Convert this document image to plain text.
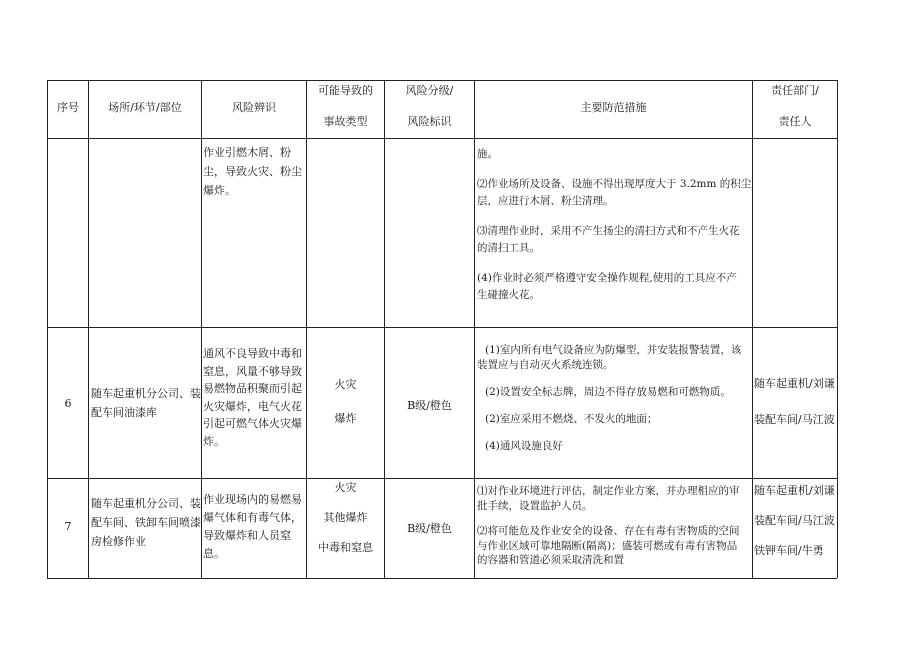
序号	场所/环节/部位	风险辨识
可能导致的
事故类型
风险分级/
风险标识
主要防范措施
责任部门/
责任人
作业引燃木屑、粉
尘，导致火灾、粉尘
爆炸。
施。
⑵作业场所及设备、设施不得出现厚度大于 3.2mm 的积尘
层，应进行木屑、粉尘清理。
⑶清理作业时，采用不产生扬尘的清扫方式和不产生火花
的清扫工具。
(4)作业时必须严格遵守安全操作规程,使用的工具应不产
生碰撞火花。
6
随车起重机分公司、装
配车间油漆库
通风不良导致中毒和
窒息，风量不够导致
易燃物品积聚而引起
火灾爆炸，电气火花
引起可燃气体火灾爆
炸。
火灾
爆炸
B级/橙色
(1)室内所有电气设备应为防爆型，并安装报警装置，该
装置应与自动灭火系统连锁。
(2)设置安全标志牌，周边不得存放易燃和可燃物质。
(2)室应采用不燃烧、不发火的地面；
(4)通风设施良好
随车起重机/刘谦
装配车间/马江波
7
随车起重机分公司、装
配车间、铁卸车间喷漆
房检修作业
作业现场内的易燃易
爆气体和有毒气体，
导致爆炸和人员窒
息。
火灾
其他爆炸
中毒和窒息
B级/橙色
⑴对作业环境进行评估，制定作业方案，并办理相应的审
批手续，设置监护人员。
⑵将可能危及作业安全的设备、存在有毒有害物质的空间
与作业区域可靠地隔断(隔离)；盛装可燃或有毒有害物品
的容器和管道必须采取清洗和置
随车起重机/刘谦
装配车间/马江波
铁钾车间/牛勇
